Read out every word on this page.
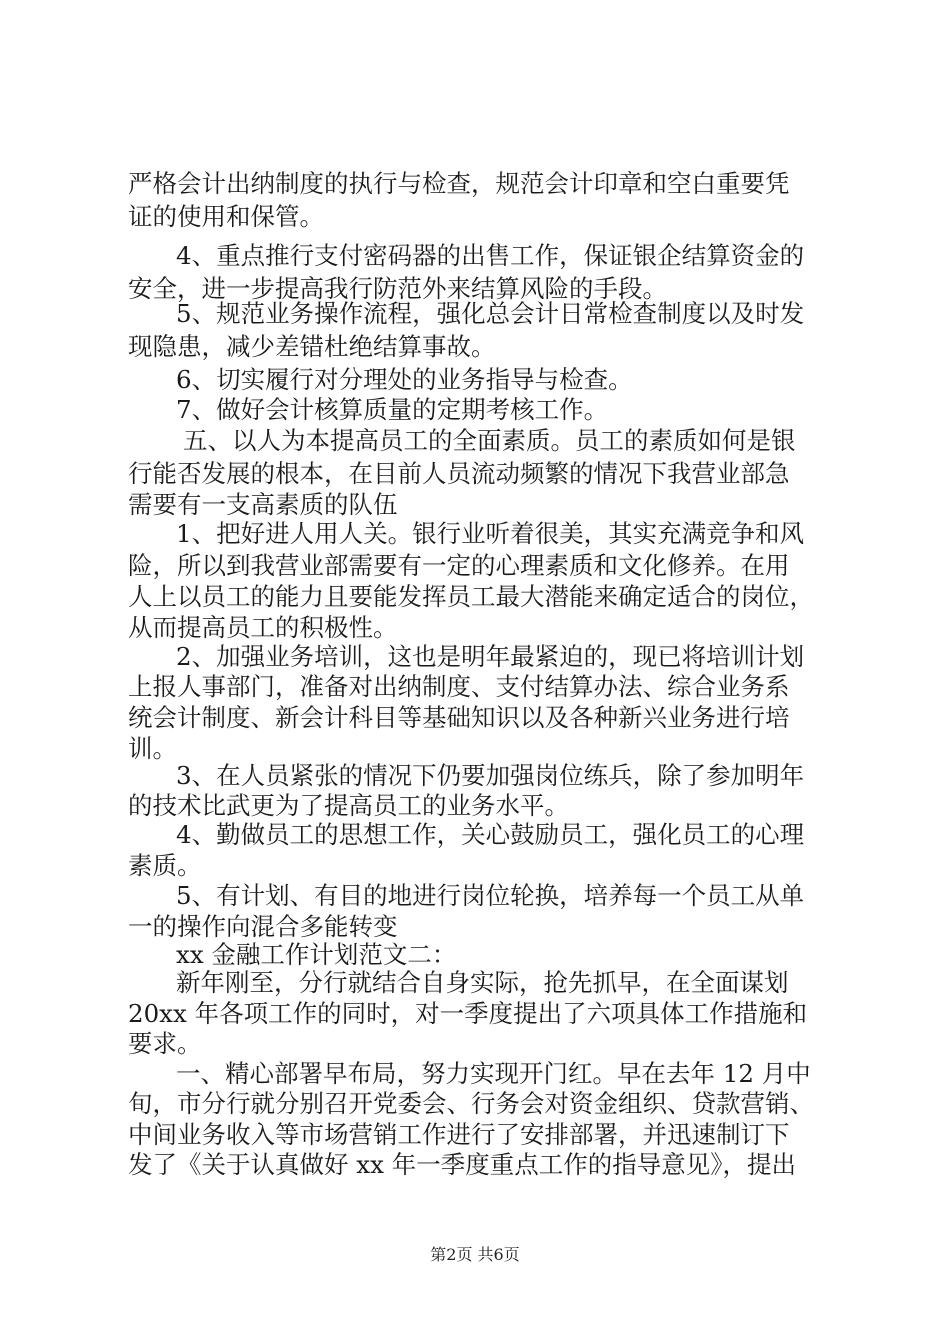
严格会计出纳制度的执行与检查，规范会计印章和空白重要凭
证的使用和保管。
4、重点推行支付密码器的出售工作，保证银企结算资金的
安全，进一步提高我行防范外来结算风险的手段。
5、规范业务操作流程，强化总会计日常检查制度以及时发
现隐患，减少差错杜绝结算事故。
6、切实履行对分理处的业务指导与检查。
7、做好会计核算质量的定期考核工作。
五、以人为本提高员工的全面素质。员工的素质如何是银
行能否发展的根本，在目前人员流动频繁的情况下我营业部急
需要有一支高素质的队伍
1、把好进人用人关。银行业听着很美，其实充满竞争和风
险，所以到我营业部需要有一定的心理素质和文化修养。在用
人上以员工的能力且要能发挥员工最大潜能来确定适合的岗位，
从而提高员工的积极性。
2、加强业务培训，这也是明年最紧迫的，现已将培训计划
上报人事部门，准备对出纳制度、支付结算办法、综合业务系
统会计制度、新会计科目等基础知识以及各种新兴业务进行培
训。
3、在人员紧张的情况下仍要加强岗位练兵，除了参加明年
的技术比武更为了提高员工的业务水平。
4、勤做员工的思想工作，关心鼓励员工，强化员工的心理
素质。
5、有计划、有目的地进行岗位轮换，培养每一个员工从单
一的操作向混合多能转变
xx 金融工作计划范文二：
新年刚至，分行就结合自身实际，抢先抓早，在全面谋划
20xx 年各项工作的同时，对一季度提出了六项具体工作措施和
要求。
一、精心部署早布局，努力实现开门红。早在去年 12 月中
旬，市分行就分别召开党委会、行务会对资金组织、贷款营销、
中间业务收入等市场营销工作进行了安排部署，并迅速制订下
发了《关于认真做好 xx 年一季度重点工作的指导意见》，提出
第2页 共6页
